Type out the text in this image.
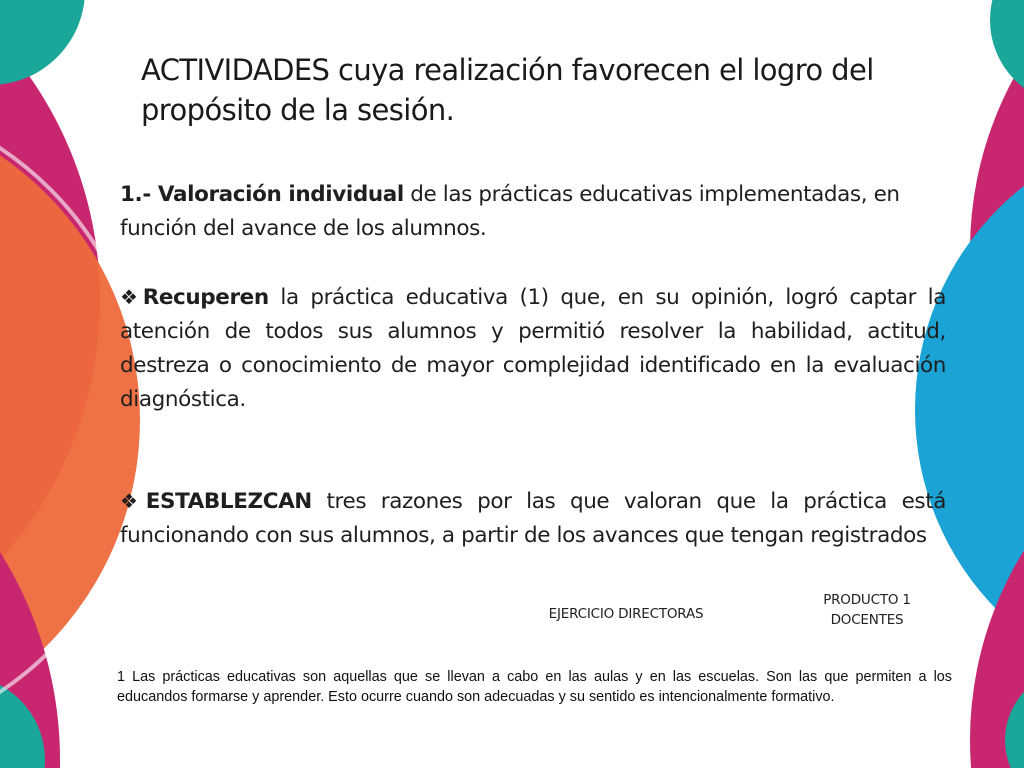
ACTIVIDADES cuya realización favorecen el logro del propósito de la sesión.
1.- Valoración individual de las prácticas educativas implementadas, en función del avance de los alumnos.
❖Recuperen la práctica educativa (1) que, en su opinión, logró captar la atención de todos sus alumnos y permitió resolver la habilidad, actitud, destreza o conocimiento de mayor complejidad identificado en la evaluación diagnóstica.
❖ESTABLEZCAN tres razones por las que valoran que la práctica está funcionando con sus alumnos, a partir de los avances que tengan registrados
EJERCICIO DIRECTORAS
PRODUCTO 1
DOCENTES
1 Las prácticas educativas son aquellas que se llevan a cabo en las aulas y en las escuelas. Son las que permiten a los educandos formarse y aprender. Esto ocurre cuando son adecuadas y su sentido es intencionalmente formativo.
